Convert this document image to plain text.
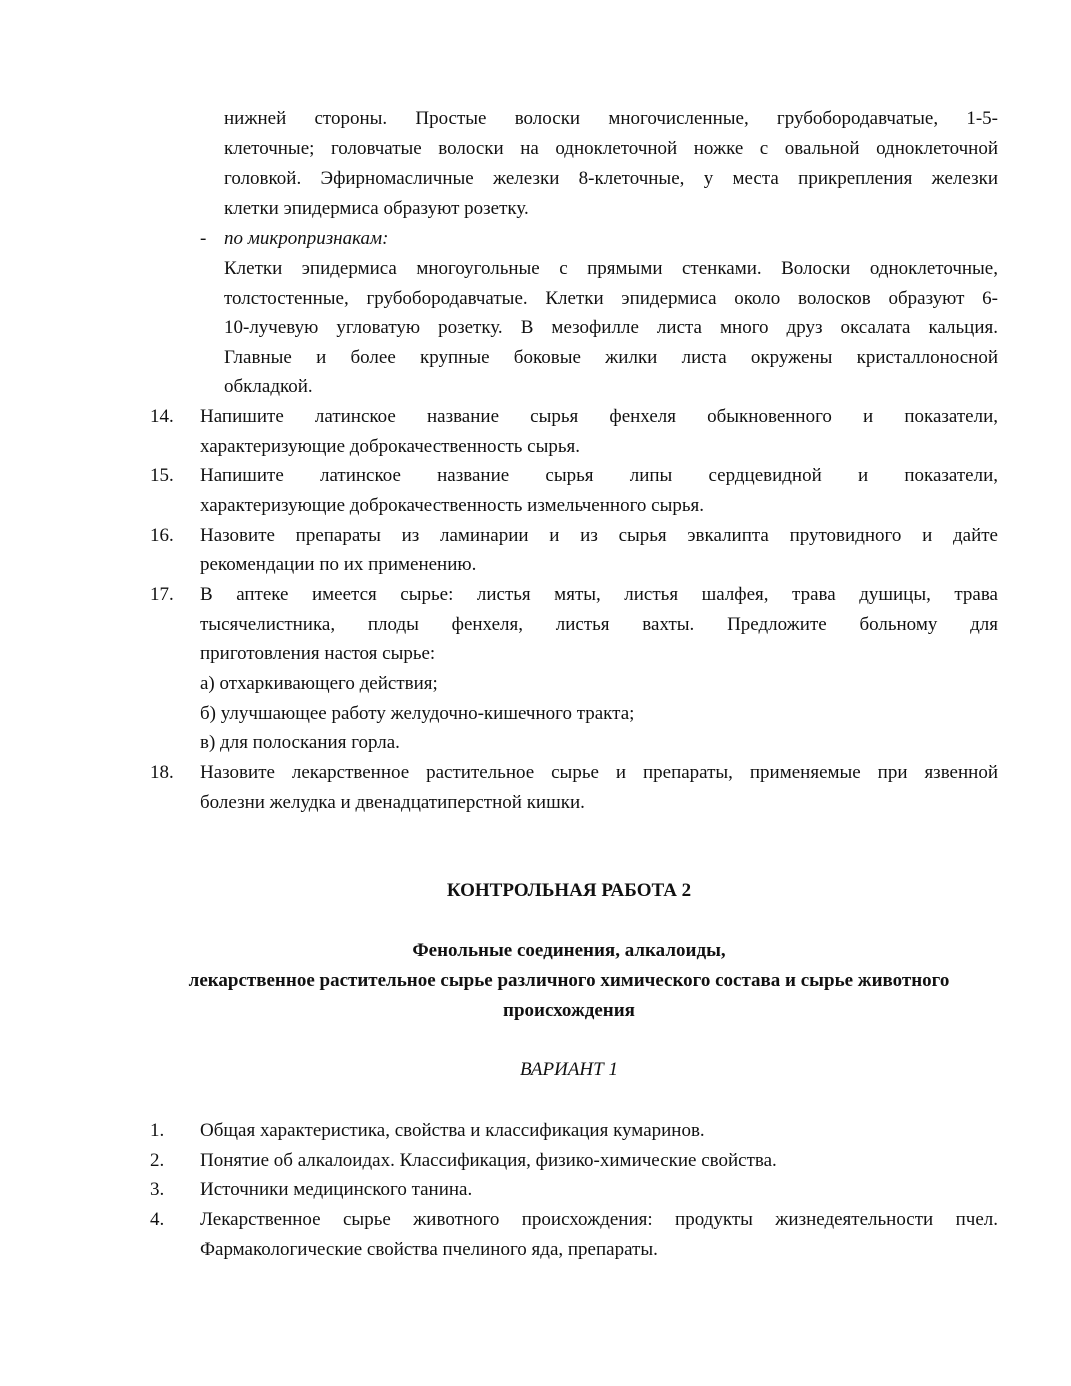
нижней стороны. Простые волоски многочисленные, грубобородавчатые, 1-5-
клеточные; головчатые волоски на одноклеточной ножке с овальной одноклеточной
головкой. Эфирномасличные железки 8-клеточные, у места прикрепления железки
клетки эпидермиса образуют розетку.
- по микропризнакам:
Клетки эпидермиса многоугольные с прямыми стенками. Волоски одноклеточные,
толстостенные, грубобородавчатые. Клетки эпидермиса около волосков образуют 6-
10-лучевую угловатую розетку. В мезофилле листа много друз оксалата кальция.
Главные и более крупные боковые жилки листа окружены кристаллоносной
обкладкой.
14. Напишите латинское название сырья фенхеля обыкновенного и показатели,
характеризующие доброкачественность сырья.
15. Напишите латинское название сырья липы сердцевидной и показатели,
характеризующие доброкачественность измельченного сырья.
16. Назовите препараты из ламинарии и из сырья эвкалипта прутовидного и дайте
рекомендации по их применению.
17. В аптеке имеется сырье: листья мяты, листья шалфея, трава душицы, трава
тысячелистника, плоды фенхеля, листья вахты. Предложите больному для
приготовления настоя сырье:
а) отхаркивающего действия;
б) улучшающее работу желудочно-кишечного тракта;
в) для полоскания горла.
18. Назовите лекарственное растительное сырье и препараты, применяемые при язвенной
болезни желудка и двенадцатиперстной кишки.
КОНТРОЛЬНАЯ РАБОТА 2
Фенольные соединения, алкалоиды,
лекарственное растительное сырье различного химического состава и сырье животного
происхождения
ВАРИАНТ 1
1. Общая характеристика, свойства и классификация кумаринов.
2. Понятие об алкалоидах. Классификация, физико-химические свойства.
3. Источники медицинского танина.
4. Лекарственное сырье животного происхождения: продукты жизнедеятельности пчел.
Фармакологические свойства пчелиного яда, препараты.
